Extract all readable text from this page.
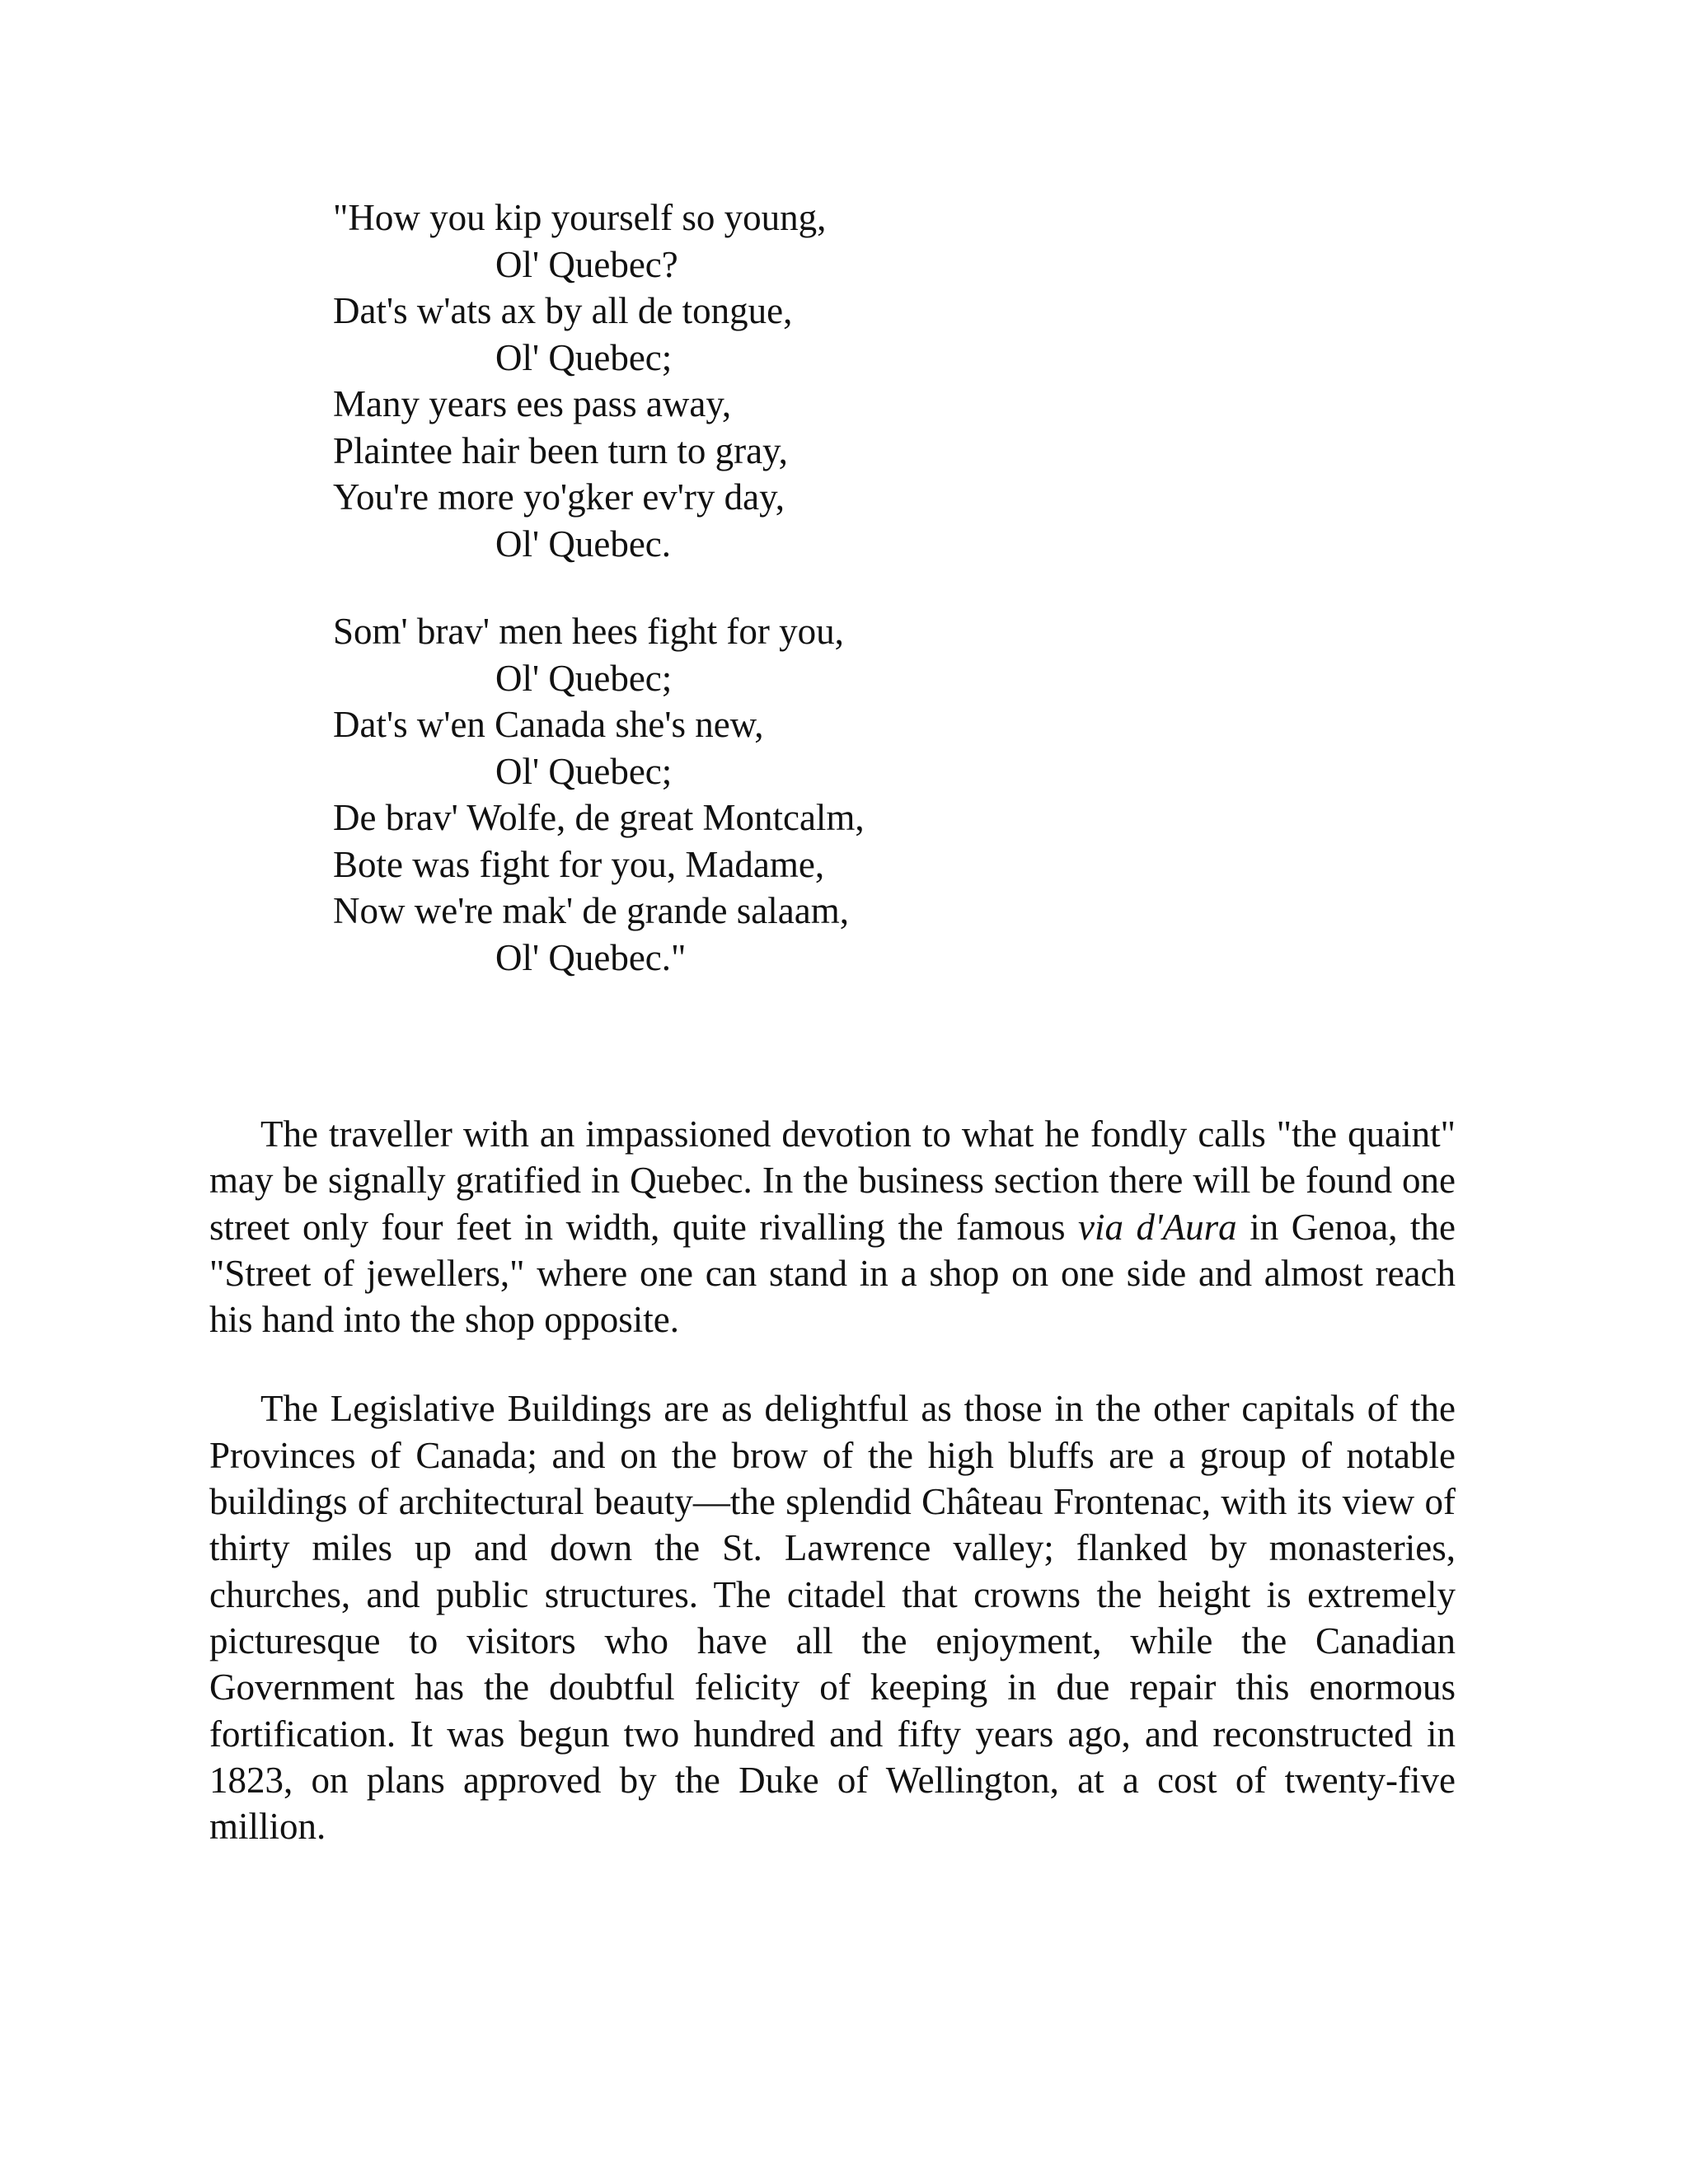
"How you kip yourself so young,
Ol' Quebec?
Dat's w'ats ax by all de tongue,
Ol' Quebec;
Many years ees pass away,
Plaintee hair been turn to gray,
You're more yo'gker ev'ry day,
Ol' Quebec.
Som' brav' men hees fight for you,
Ol' Quebec;
Dat's w'en Canada she's new,
Ol' Quebec;
De brav' Wolfe, de great Montcalm,
Bote was fight for you, Madame,
Now we're mak' de grande salaam,
Ol' Quebec."

The traveller with an impassioned devotion to what he fondly calls "the quaint" may be signally gratified in Quebec. In the business section there will be found one street only four feet in width, quite rivalling the famous via d'Aura in Genoa, the "Street of jewellers," where one can stand in a shop on one side and almost reach his hand into the shop opposite.

The Legislative Buildings are as delightful as those in the other capitals of the Provinces of Canada; and on the brow of the high bluffs are a group of notable buildings of architectural beauty—the splendid Château Frontenac, with its view of thirty miles up and down the St. Lawrence valley; flanked by monasteries, churches, and public structures. The citadel that crowns the height is extremely picturesque to visitors who have all the enjoyment, while the Canadian Government has the doubtful felicity of keeping in due repair this enormous fortification. It was begun two hundred and fifty years ago, and reconstructed in 1823, on plans approved by the Duke of Wellington, at a cost of twenty-five million.
